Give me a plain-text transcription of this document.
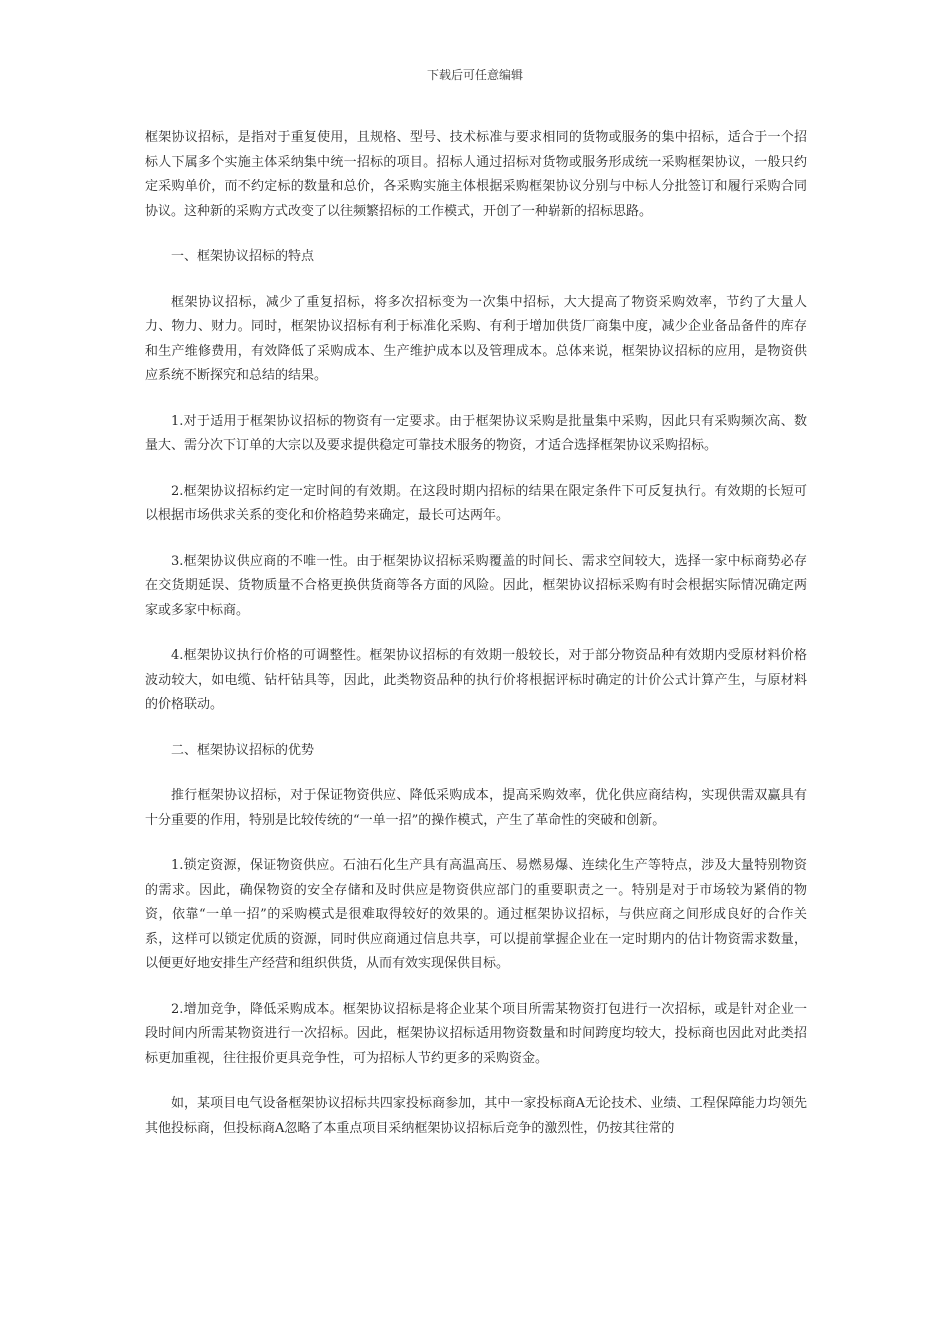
下载后可任意编辑

框架协议招标，是指对于重复使用，且规格、型号、技术标准与要求相同的货物或服务的集中招标，适合于一个招标人下属多个实施主体采纳集中统一招标的项目。招标人通过招标对货物或服务形成统一采购框架协议，一般只约定采购单价，而不约定标的数量和总价，各采购实施主体根据采购框架协议分别与中标人分批签订和履行采购合同协议。这种新的采购方式改变了以往频繁招标的工作模式，开创了一种崭新的招标思路。

一、框架协议招标的特点

框架协议招标，减少了重复招标，将多次招标变为一次集中招标，大大提高了物资采购效率，节约了大量人力、物力、财力。同时，框架协议招标有利于标准化采购、有利于增加供货厂商集中度，减少企业备品备件的库存和生产维修费用，有效降低了采购成本、生产维护成本以及管理成本。总体来说，框架协议招标的应用，是物资供应系统不断探究和总结的结果。

1.对于适用于框架协议招标的物资有一定要求。由于框架协议采购是批量集中采购，因此只有采购频次高、数量大、需分次下订单的大宗以及要求提供稳定可靠技术服务的物资，才适合选择框架协议采购招标。

2.框架协议招标约定一定时间的有效期。在这段时期内招标的结果在限定条件下可反复执行。有效期的长短可以根据市场供求关系的变化和价格趋势来确定，最长可达两年。

3.框架协议供应商的不唯一性。由于框架协议招标采购覆盖的时间长、需求空间较大，选择一家中标商势必存在交货期延误、货物质量不合格更换供货商等各方面的风险。因此，框架协议招标采购有时会根据实际情况确定两家或多家中标商。

4.框架协议执行价格的可调整性。框架协议招标的有效期一般较长，对于部分物资品种有效期内受原材料价格波动较大，如电缆、钻杆钻具等，因此，此类物资品种的执行价将根据评标时确定的计价公式计算产生，与原材料的价格联动。

二、框架协议招标的优势

推行框架协议招标，对于保证物资供应、降低采购成本，提高采购效率，优化供应商结构，实现供需双赢具有十分重要的作用，特别是比较传统的“一单一招”的操作模式，产生了革命性的突破和创新。

1.锁定资源，保证物资供应。石油石化生产具有高温高压、易燃易爆、连续化生产等特点，涉及大量特别物资的需求。因此，确保物资的安全存储和及时供应是物资供应部门的重要职责之一。特别是对于市场较为紧俏的物资，依靠“一单一招”的采购模式是很难取得较好的效果的。通过框架协议招标，与供应商之间形成良好的合作关系，这样可以锁定优质的资源，同时供应商通过信息共享，可以提前掌握企业在一定时期内的估计物资需求数量，以便更好地安排生产经营和组织供货，从而有效实现保供目标。

2.增加竞争，降低采购成本。框架协议招标是将企业某个项目所需某物资打包进行一次招标，或是针对企业一段时间内所需某物资进行一次招标。因此，框架协议招标适用物资数量和时间跨度均较大，投标商也因此对此类招标更加重视，往往报价更具竞争性，可为招标人节约更多的采购资金。

如，某项目电气设备框架协议招标共四家投标商参加，其中一家投标商A无论技术、业绩、工程保障能力均领先其他投标商，但投标商A忽略了本重点项目采纳框架协议招标后竞争的激烈性，仍按其往常的
